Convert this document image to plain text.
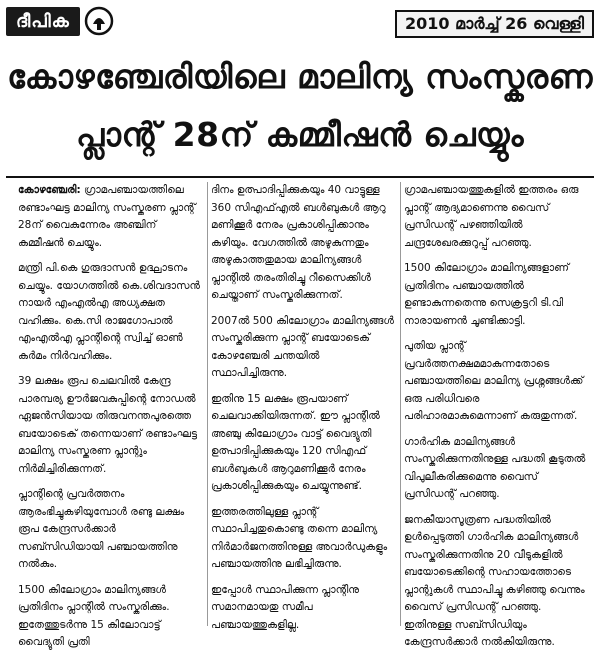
ദീപിക	2010 മാർച്ച് 26 വെള്ളി
കോഴഞ്ചേരിയിലെ മാലിന്യ സംസ്കരണ
പ്ലാന്റ് 28ന് കമ്മീഷൻ ചെയ്യും

കോഴഞ്ചേരി: ഗ്രാമപഞ്ചായത്തിലെ രണ്ടാംഘട്ട മാലിന്യ സംസ്കരണ പ്ലാന്റ് 28ന് വൈകുന്നേരം അഞ്ചിന് കമ്മീഷൻ ചെയ്യും.

മന്ത്രി പി.കെ ഗുരുദാസൻ ഉദ്ഘാടനം ചെയ്യും. യോഗത്തിൽ കെ.ശിവദാസൻ നായർ എംഎൽഎ അധ്യക്ഷത വഹിക്കും. കെ.സി രാജഗോപാൽ എംഎൽഎ പ്ലാന്റിന്റെ സ്വിച്ച് ഓൺ കർമം നിർവഹിക്കും.

39 ലക്ഷം രൂപ ചെലവിൽ കേന്ദ്ര പാരമ്പര്യ ഊർജവകുപ്പിന്റെ നോഡൽ ഏജൻസിയായ തിരുവനന്തപുരത്തെ ബയോടെക് തന്നെയാണ് രണ്ടാംഘട്ട മാലിന്യ സംസ്കരണ പ്ലാന്റും നിർമിച്ചിരിക്കുന്നത്.

പ്ലാന്റിന്റെ പ്രവർത്തനം ആരംഭിച്ചുകഴിയുമ്പോൾ രണ്ടു ലക്ഷം രൂപ കേന്ദ്രസർക്കാർ സബ്സിഡിയായി പഞ്ചായത്തിനു നൽകും.

1500 കിലോഗ്രാം മാലിന്യങ്ങൾ പ്രതിദിനം പ്ലാന്റിൽ സംസ്കരിക്കും. ഇതേത്തുടർന്നു 15 കിലോവാട്ട് വൈദ്യുതി പ്രതി

ദിനം ഉത്പാദിപ്പിക്കുകയും 40 വാട്ടുള്ള 360 സിഎഫ്എൽ ബൾബുകൾ ആറു മണിക്കൂർ നേരം പ്രകാശിപ്പിക്കാനും കഴിയും. വേഗത്തിൽ അഴുകുന്നതും അഴുകാത്തതുമായ മാലിന്യങ്ങൾ പ്ലാന്റിൽ തരംതിരിച്ചു റീസൈക്കിൾ ചെയ്താണ് സംസ്കരിക്കുന്നത്.

2007ൽ 500 കിലോഗ്രാം മാലിന്യങ്ങൾ സംസ്കരിക്കുന്ന പ്ലാന്റ് ബയോടെക് കോഴഞ്ചേരി ചന്തയിൽ സ്ഥാപിച്ചിരുന്നു.

ഇതിനു 15 ലക്ഷം രൂപയാണ് ചെലവാക്കിയിരുന്നത്. ഈ പ്ലാന്റിൽ അഞ്ചു കിലോഗ്രാം വാട്ട് വൈദ്യുതി ഉത്പാദിപ്പിക്കുകയും 120 സിഎഫ് ബൾബുകൾ ആറുമണിക്കൂർ നേരം പ്രകാശിപ്പിക്കുകയും ചെയ്യുന്നുണ്ട്.

ഇത്തരത്തിലുള്ള പ്ലാന്റ് സ്ഥാപിച്ചതുകൊണ്ടു തന്നെ മാലിന്യ നിർമാർജനത്തിനുള്ള അവാർഡുകളും പഞ്ചായത്തിനു ലഭിച്ചിരുന്നു.

ഇപ്പോൾ സ്ഥാപിക്കുന്ന പ്ലാന്റിനു സമാനമായതു സമീപ പഞ്ചായത്തുകളില്ല.

ഗ്രാമപഞ്ചായത്തുകളിൽ ഇത്തരം ഒരു പ്ലാന്റ് ആദ്യമാണെന്നു വൈസ് പ്രസിഡന്റ് പഴഞ്ഞിയിൽ ചന്ദ്രശേഖരക്കുറുപ്പ് പറഞ്ഞു.

1500 കിലോഗ്രാം മാലിന്യങ്ങളാണ് പ്രതിദിനം പഞ്ചായത്തിൽ ഉണ്ടാകുന്നതെന്നു സെക്രട്ടറി ടി.വി നാരായണൻ ചൂണ്ടിക്കാട്ടി.

പുതിയ പ്ലാന്റ് പ്രവർത്തനക്ഷമമാകുന്നതോടെ പഞ്ചായത്തിലെ മാലിന്യ പ്രശ്നങ്ങൾക്ക് ഒരു പരിധിവരെ പരിഹാരമാകുമെന്നാണ് കരുതുന്നത്.

ഗാർഹിക മാലിന്യങ്ങൾ സംസ്കരിക്കുന്നതിനുള്ള പദ്ധതി കൂടുതൽ വിപുലീകരിക്കുമെന്നു വൈസ് പ്രസിഡന്റ് പറഞ്ഞു.

ജനകീയാസൂത്രണ പദ്ധതിയിൽ ഉൾപ്പെടുത്തി ഗാർഹിക മാലിന്യങ്ങൾ സംസ്കരിക്കുന്നതിനു 20 വീടുകളിൽ ബയോടെക്കിന്റെ സഹായത്തോടെ പ്ലാന്റുകൾ സ്ഥാപിച്ചു കഴിഞ്ഞു വെന്നും വൈസ് പ്രസിഡന്റ് പറഞ്ഞു. ഇതിനുള്ള സബ്സിഡിയും കേന്ദ്രസർക്കാർ നൽകിയിരുന്നു.
